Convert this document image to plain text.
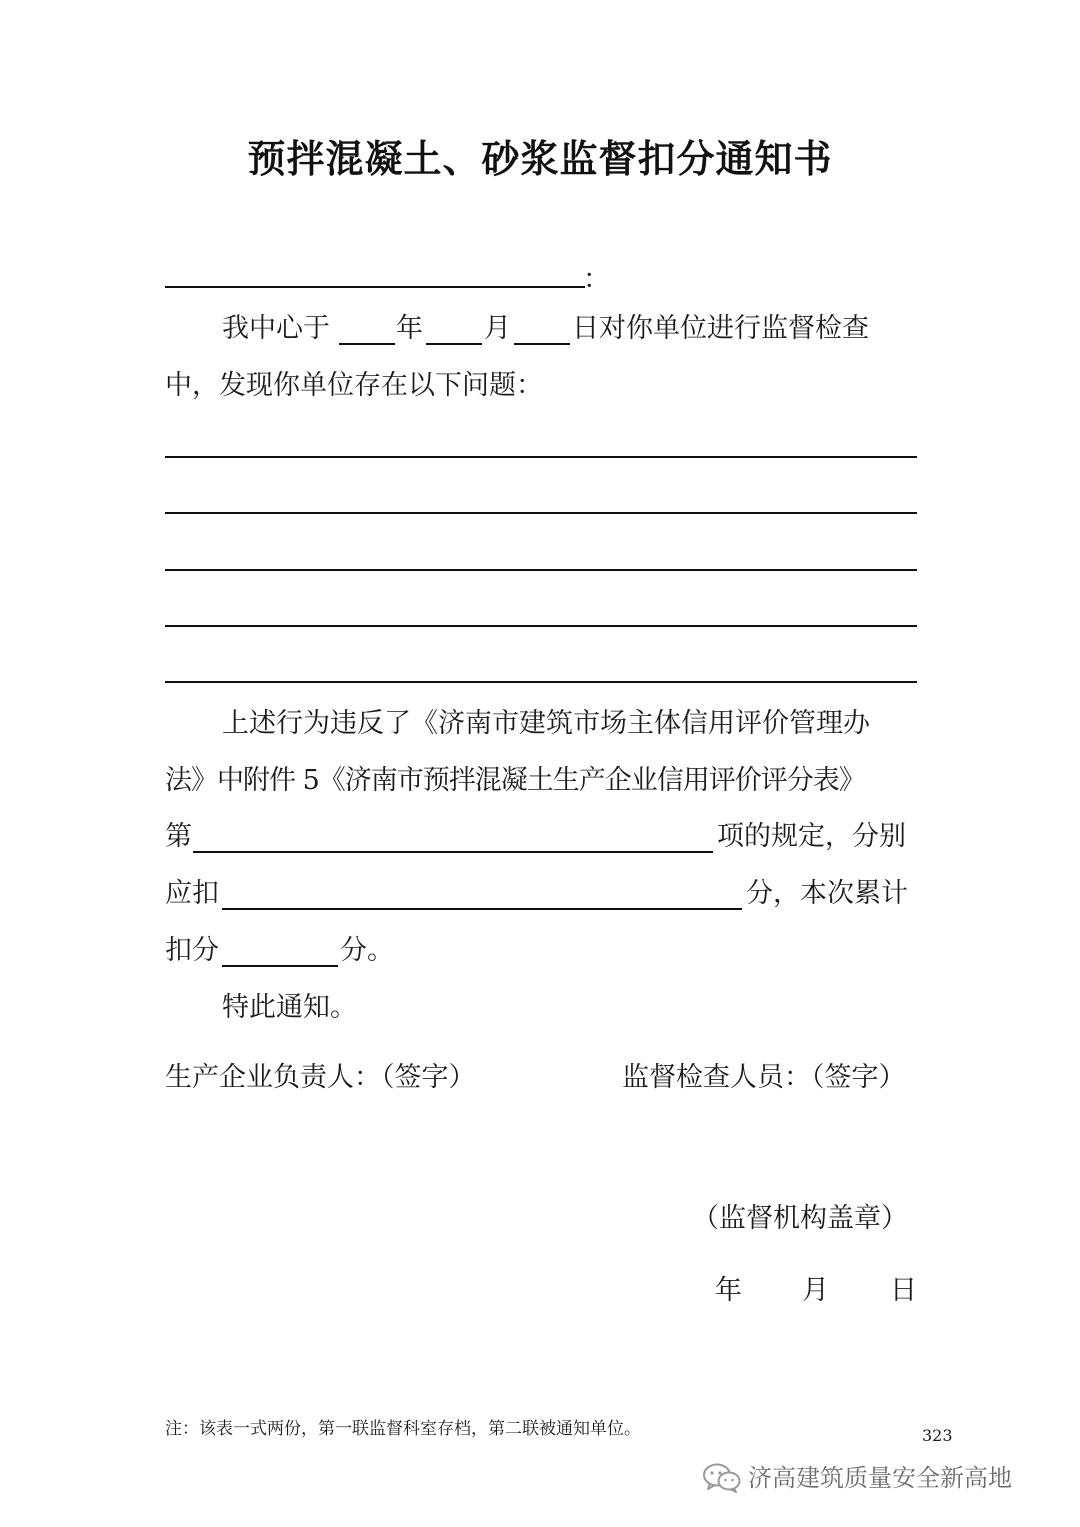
预拌混凝土、砂浆监督扣分通知书
：
我中心于 年 月 日对你单位进行监督检查
中，发现你单位存在以下问题：
上述行为违反了《济南市建筑市场主体信用评价管理办
法》中附件 5《济南市预拌混凝土生产企业信用评价评分表》
第	项的规定，分别
应扣	分，本次累计
扣分	分。
特此通知。
生产企业负责人：（签字）	监督检查人员：（签字）
（监督机构盖章）
年 月 日
注：该表一式两份，第一联监督科室存档，第二联被通知单位。	323
济高建筑质量安全新高地
